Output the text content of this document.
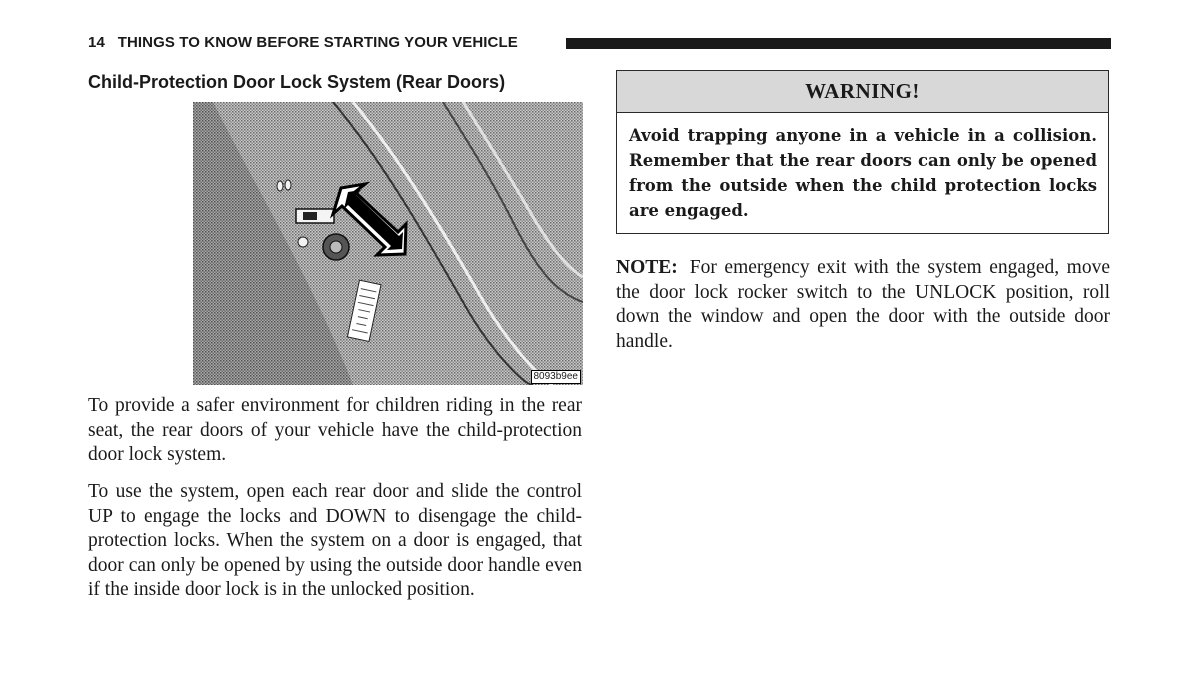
14 THINGS TO KNOW BEFORE STARTING YOUR VEHICLE
Child-Protection Door Lock System (Rear Doors)
8093b9ee

To provide a safer environment for children riding in the rear seat, the rear doors of your vehicle have the child-protection door lock system.

To use the system, open each rear door and slide the control UP to engage the locks and DOWN to disengage the child-protection locks. When the system on a door is engaged, that door can only be opened by using the outside door handle even if the inside door lock is in the unlocked position.

WARNING!
Avoid trapping anyone in a vehicle in a collision. Remember that the rear doors can only be opened from the outside when the child protection locks are engaged.

NOTE: For emergency exit with the system engaged, move the door lock rocker switch to the UNLOCK position, roll down the window and open the door with the outside door handle.
